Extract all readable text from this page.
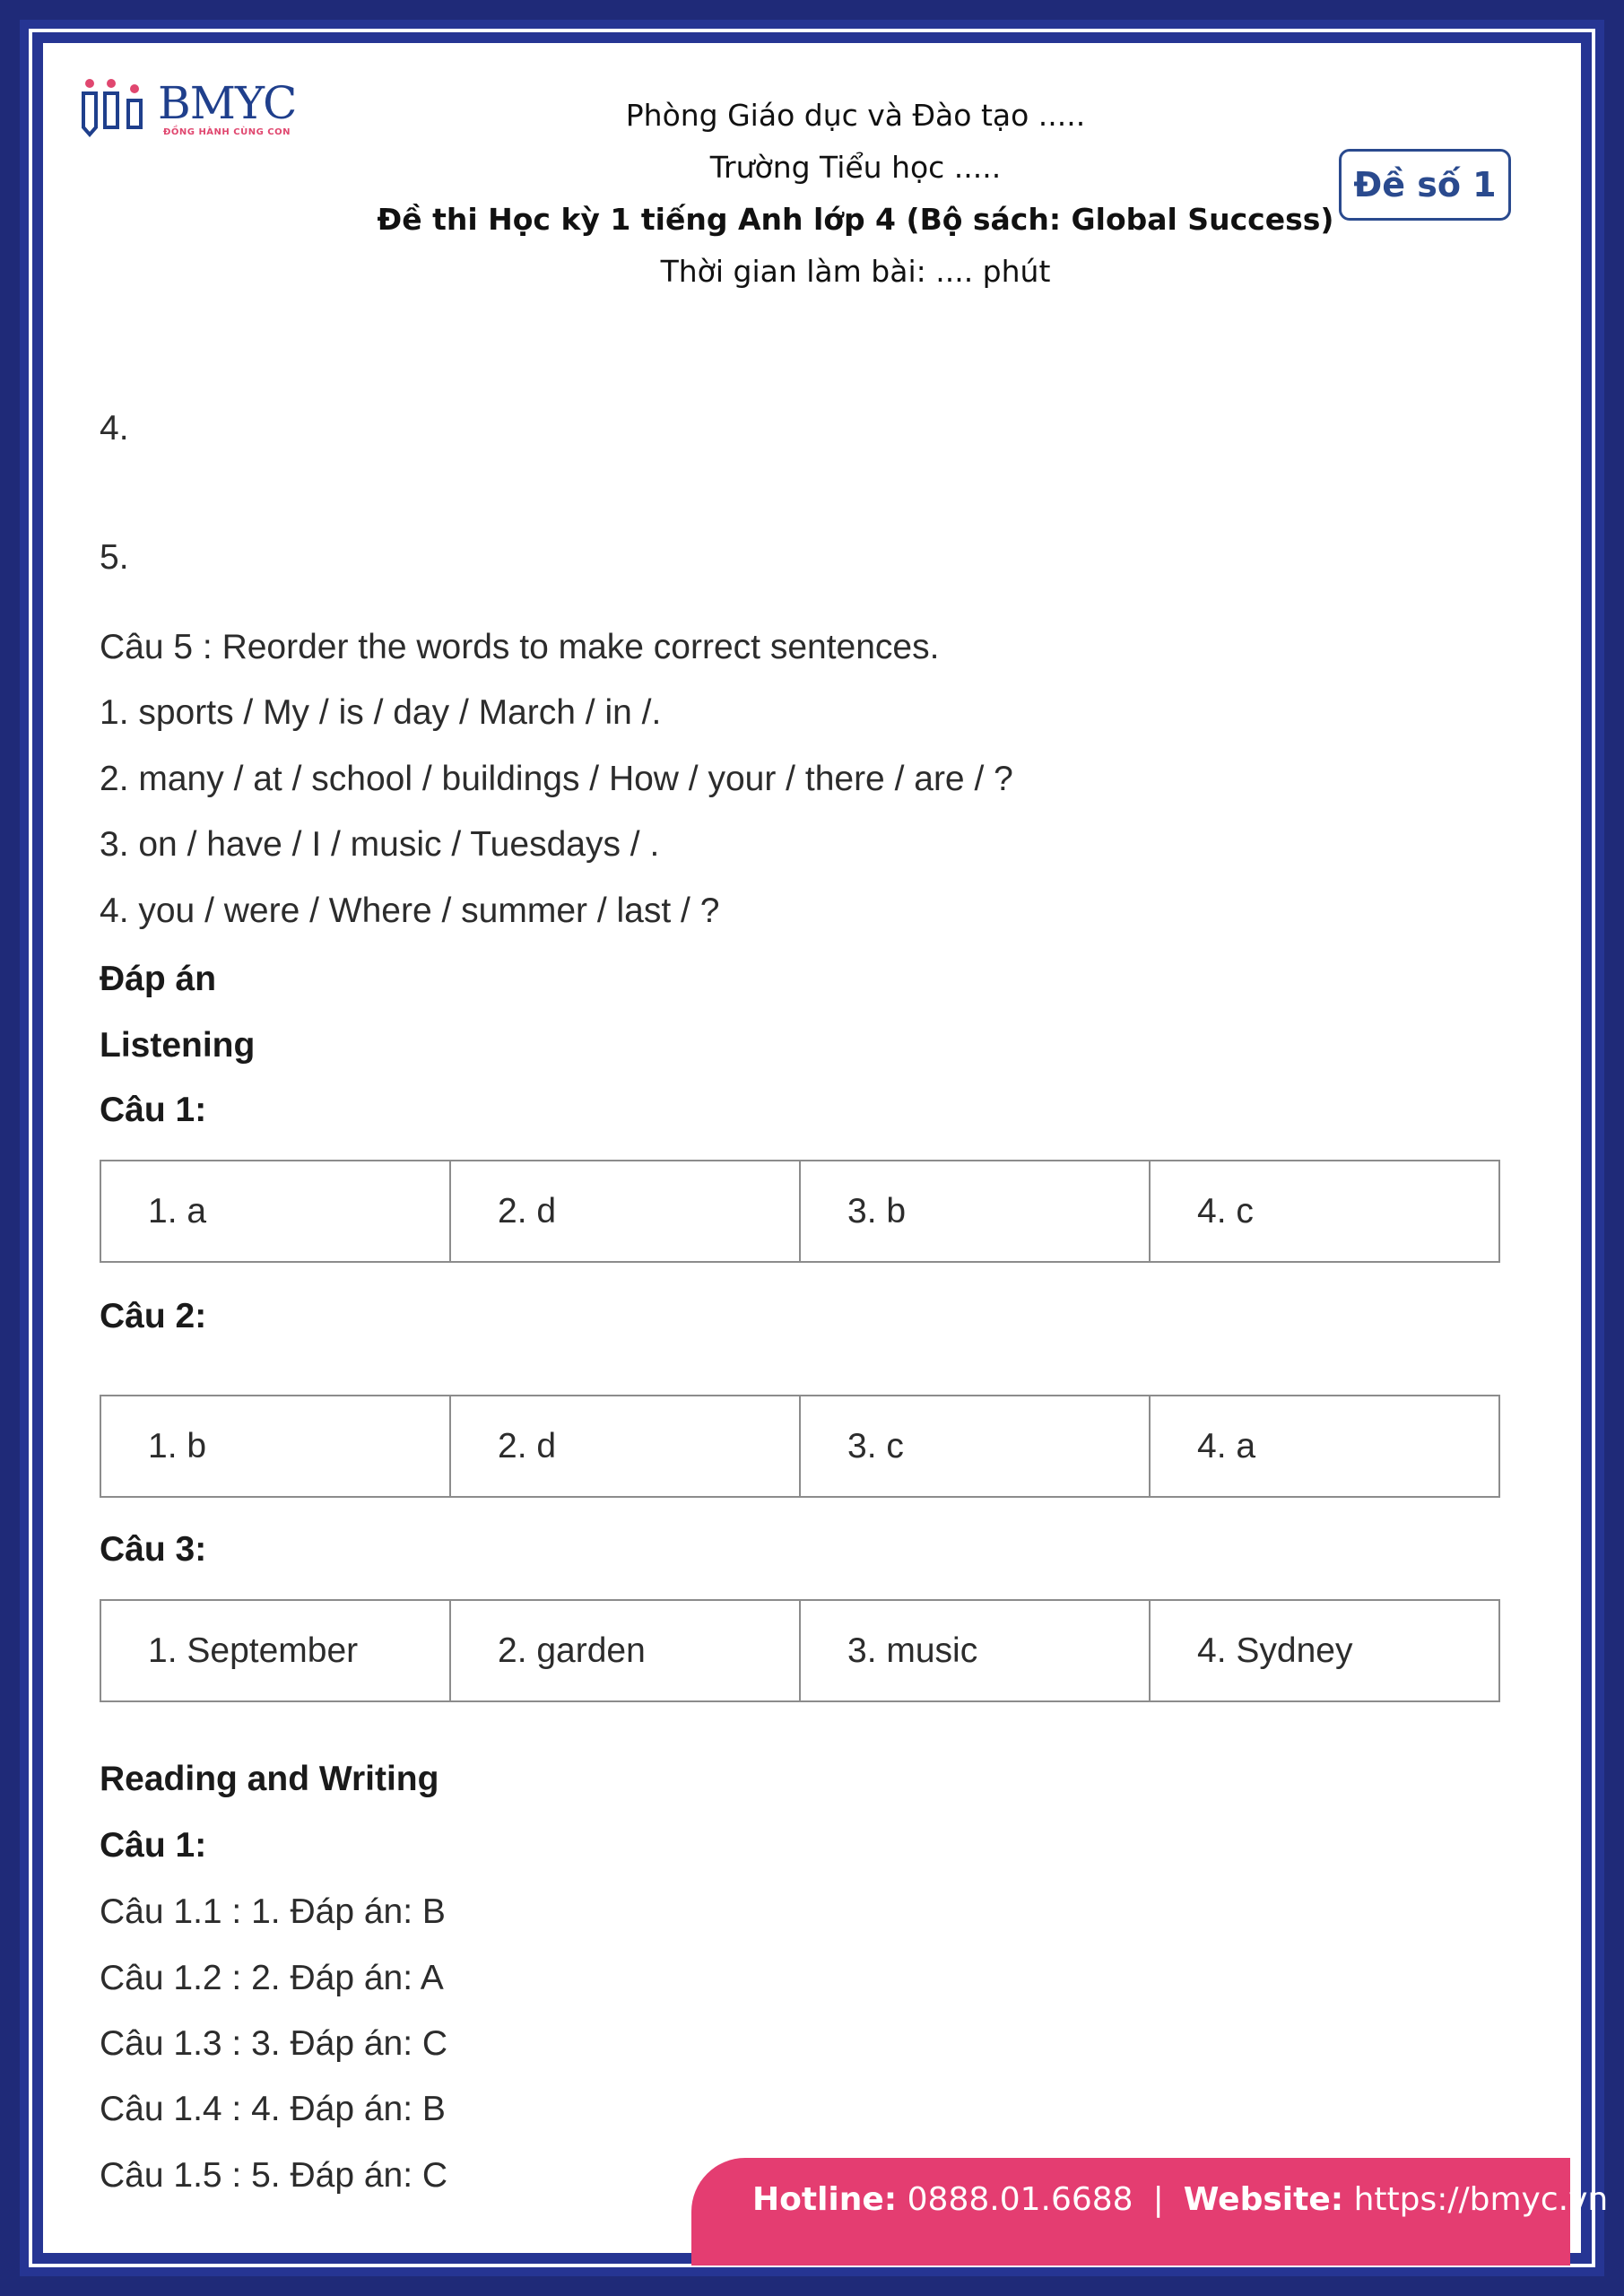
BMYC
ĐỒNG HÀNH CÙNG CON	Phòng Giáo dục và Đào tạo .....
Trường Tiểu học .....
Đề thi Học kỳ 1 tiếng Anh lớp 4 (Bộ sách: Global Success)
Thời gian làm bài: .... phút
Đề số 1
4.
5.
Câu 5 : Reorder the words to make correct sentences.
1. sports / My / is / day / March / in /.
2. many / at / school / buildings / How / your / there / are / ?
3. on / have / I / music / Tuesdays / .
4. you / were / Where / summer / last / ?
Đáp án
Listening
Câu 1:
Câu 2:
Câu 3:
Reading and Writing
Câu 1:
Câu 1.1 : 1. Đáp án: B
Câu 1.2 : 2. Đáp án: A
Câu 1.3 : 3. Đáp án: C
Câu 1.4 : 4. Đáp án: B
Câu 1.5 : 5. Đáp án: C
1. a	2. d	3. b	4. c
1. b	2. d	3. c	4. a
1. September	2. garden	3. music	4. Sydney
Hotline:
0888.01.6688 | Website:
https://bmyc.vn
